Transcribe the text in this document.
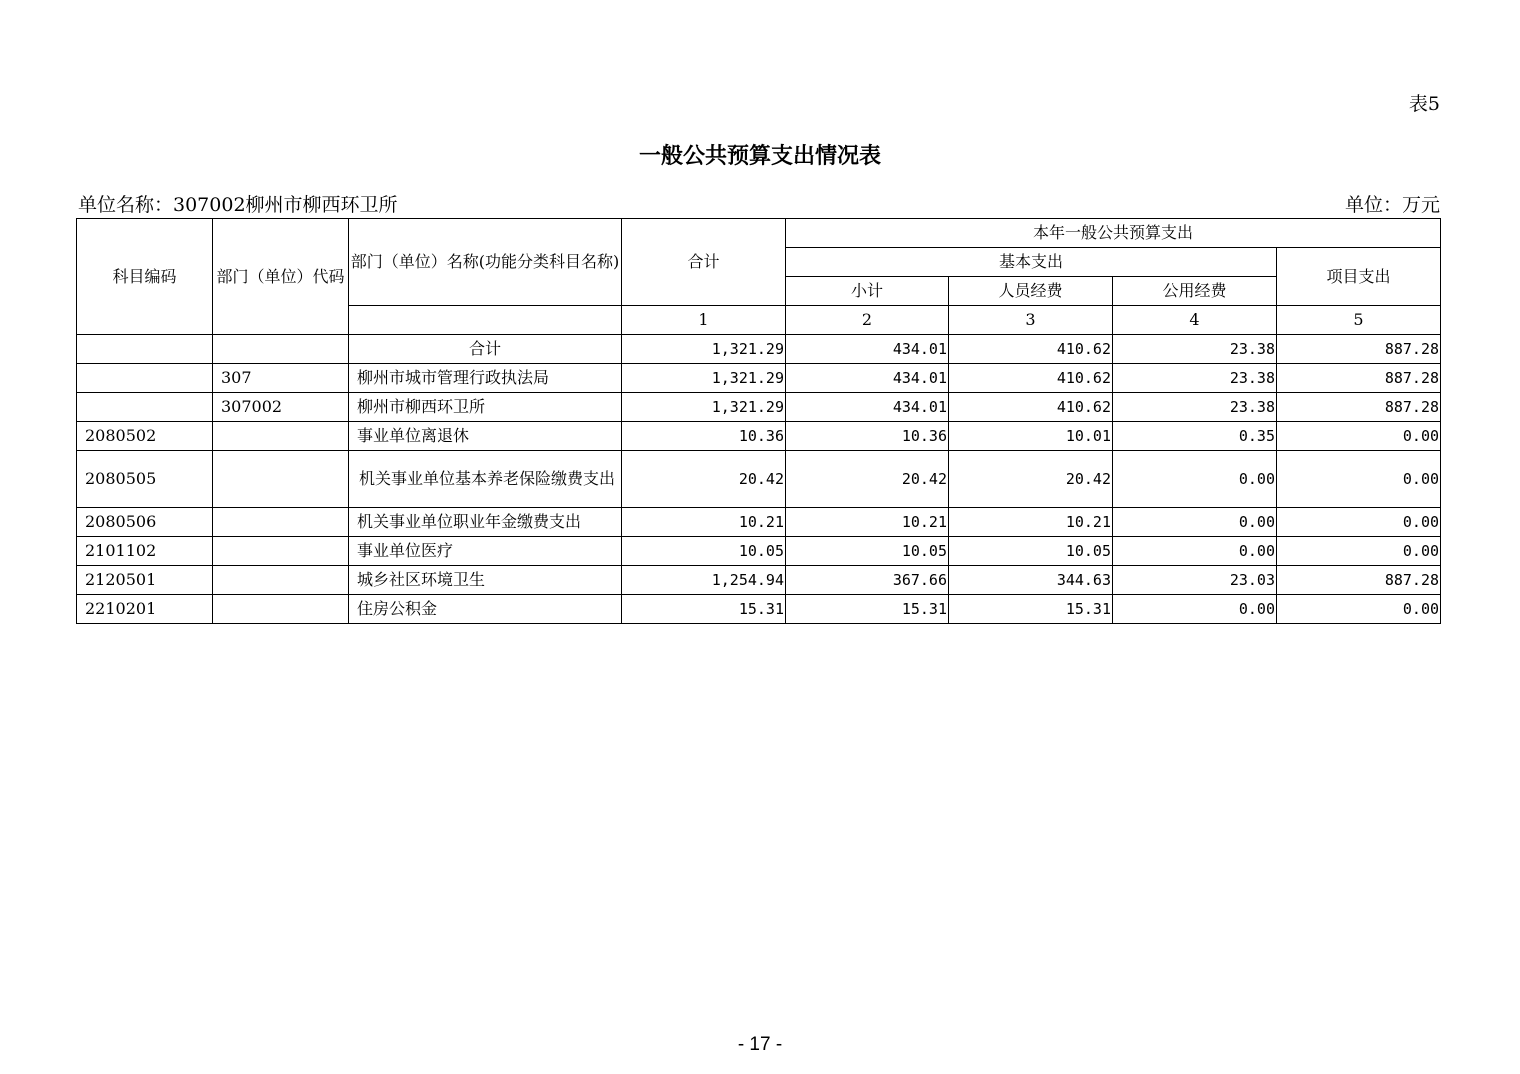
表5
一般公共预算支出情况表
单位名称：307002柳州市柳西环卫所	单位：万元
科目编码	部门（单位）代码	部门（单位）名称(功能分类科目名称)	合计	本年一般公共预算支出			
				基本支出			项目支出
				小计	人员经费	公用经费	
			1	2	3	4	5
		合计	1,321.29	434.01	410.62	23.38	887.28
	307	柳州市城市管理行政执法局	1,321.29	434.01	410.62	23.38	887.28
	307002	柳州市柳西环卫所	1,321.29	434.01	410.62	23.38	887.28
2080502		事业单位离退休	10.36	10.36	10.01	0.35	0.00
2080505		机关事业单位基本养老保险缴费支出	20.42	20.42	20.42	0.00	0.00
2080506		机关事业单位职业年金缴费支出	10.21	10.21	10.21	0.00	0.00
2101102		事业单位医疗	10.05	10.05	10.05	0.00	0.00
2120501		城乡社区环境卫生	1,254.94	367.66	344.63	23.03	887.28
2210201		住房公积金	15.31	15.31	15.31	0.00	0.00
- 17 -
